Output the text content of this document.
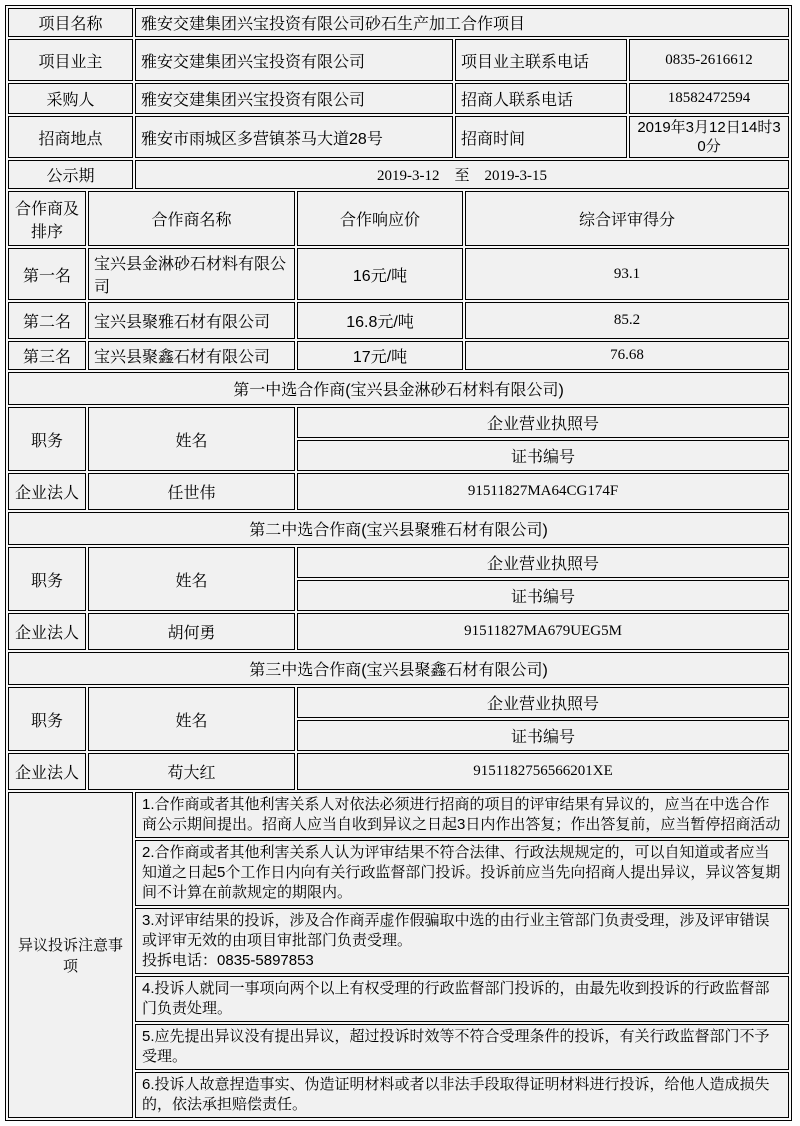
项目名称		雅安交建集团兴宝投资有限公司砂石生产加工合作项目				
项目业主		雅安交建集团兴宝投资有限公司		项目业主联系电话		0835-2616612
采购人		雅安交建集团兴宝投资有限公司		招商人联系电话		18582472594
招商地点		雅安市雨城区多营镇茶马大道28号		招商时间		2019年3月12日14时30分
公示期		2019-3-12　至　2019-3-15				
合作商及排序	合作商名称		合作响应价		综合评审得分	
第一名	宝兴县金淋砂石材料有限公司		16元/吨		93.1	
第二名	宝兴县聚雅石材有限公司		16.8元/吨		85.2	
第三名	宝兴县聚鑫石材有限公司		17元/吨		76.68	
第一中选合作商(宝兴县金淋砂石材料有限公司)						
职务	姓名		企业营业执照号			
			证书编号			
企业法人	任世伟		91511827MA64CG174F			
第二中选合作商(宝兴县聚雅石材有限公司)						
职务	姓名		企业营业执照号			
			证书编号			
企业法人	胡何勇		91511827MA679UEG5M			
第三中选合作商(宝兴县聚鑫石材有限公司)						
职务	姓名		企业营业执照号			
			证书编号			
企业法人	苟大红		9151182756566201XE			
异议投诉注意事项		1.合作商或者其他利害关系人对依法必须进行招商的项目的评审结果有异议的，应当在中选合作商公示期间提出。招商人应当自收到异议之日起3日内作出答复；作出答复前，应当暂停招商活动				

		2.合作商或者其他利害关系人认为评审结果不符合法律、行政法规规定的，可以自知道或者应当知道之日起5个工作日内向有关行政监督部门投诉。投诉前应当先向招商人提出异议，异议答复期间不计算在前款规定的期限内。				

		3.对评审结果的投诉，涉及合作商弄虚作假骗取中选的由行业主管部门负责受理，涉及评审错误或评审无效的由项目审批部门负责受理。
投拆电话：0835-5897853				

		4.投诉人就同一事项向两个以上有权受理的行政监督部门投诉的，由最先收到投诉的行政监督部门负责处理。				

		5.应先提出异议没有提出异议，超过投诉时效等不符合受理条件的投诉，有关行政监督部门不予受理。				

		6.投诉人故意捏造事实、伪造证明材料或者以非法手段取得证明材料进行投诉，给他人造成损失的，依法承担赔偿责任。				
